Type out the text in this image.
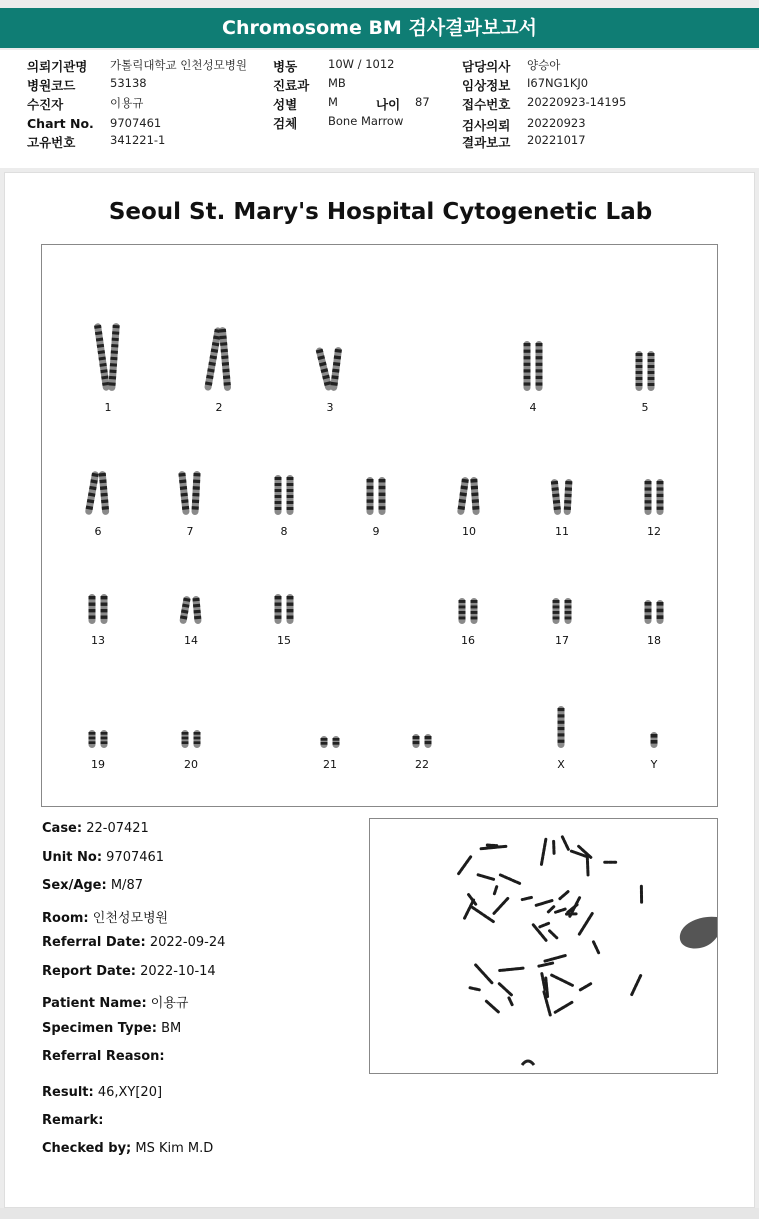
Chromosome BM 검사결과보고서
의뢰기관명 가톨릭대학교 인천성모병원
병원코드	53138
수진자	이용규
Chart No. 9707461
고유번호	341221-1
병동	10W / 1012
진료과 MB
성별	M	나이 87
검체	Bone Marrow
담당의사 양승아
임상정보 I67NG1KJ0
접수번호 20220923-14195
검사의뢰 20220923
결과보고 20221017
Seoul St. Mary's Hospital Cytogenetic Lab
1	2	3	4	5
6	7	8	9	10	11	12
13	14	15	16	17	18
19	20	21	22	X	Y
Case: 22-07421
Unit No: 9707461
Sex/Age: M/87
Room: 인천성모병원
Referral Date: 2022-09-24
Report Date: 2022-10-14
Patient Name: 이용규
Specimen Type: BM
Referral Reason:
Result: 46,XY[20]
Remark:
Checked by; MS Kim M.D
